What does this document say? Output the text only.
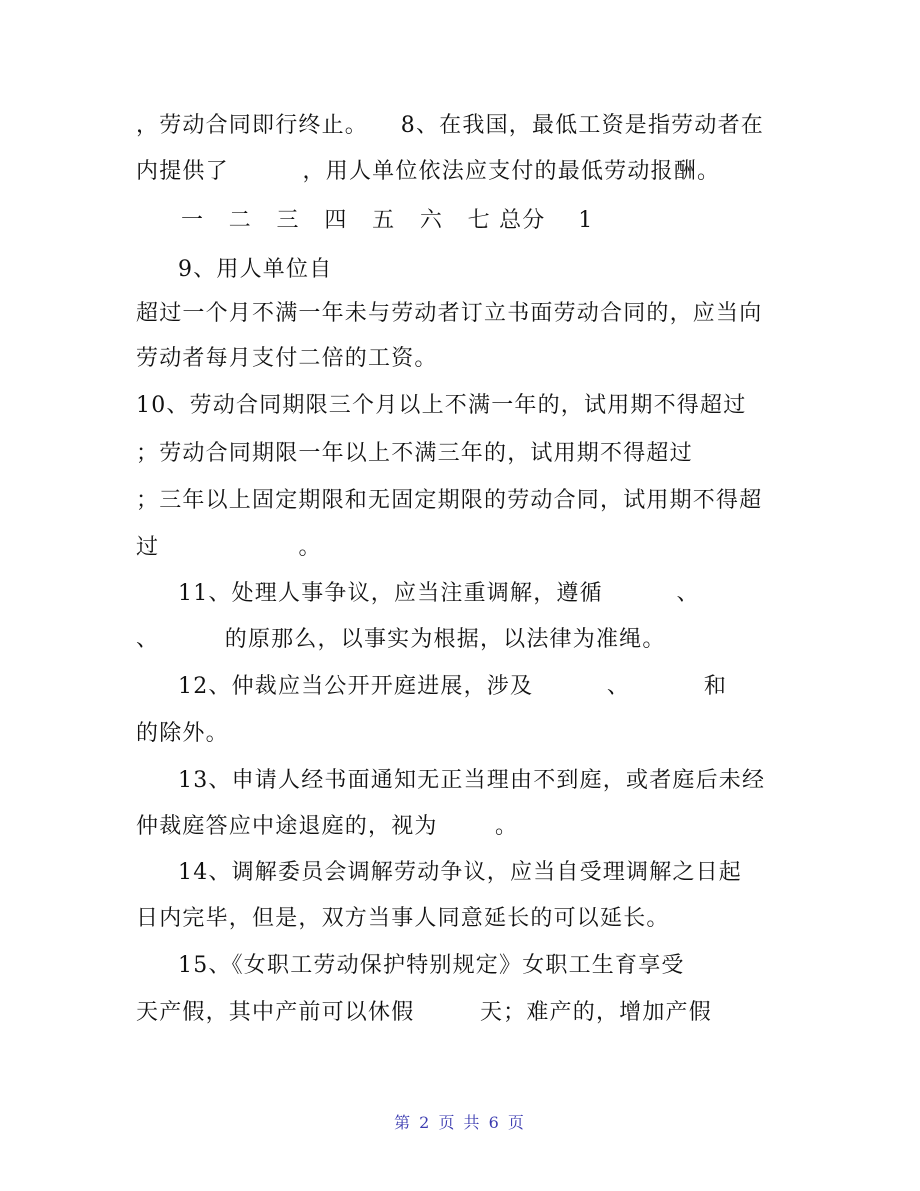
，劳动合同即行终止。    8、在我国，最低工资是指劳动者在
内提供了         ，用人单位依法应支付的最低劳动报酬。
一   二   三   四   五   六   七 总分    1
9、用人单位自
超过一个月不满一年未与劳动者订立书面劳动合同的，应当向
劳动者每月支付二倍的工资。
10、劳动合同期限三个月以上不满一年的，试用期不得超过
；劳动合同期限一年以上不满三年的，试用期不得超过
；三年以上固定期限和无固定期限的劳动合同，试用期不得超
过                 。
11、处理人事争议，应当注重调解，遵循         、
、        的原那么，以事实为根据，以法律为准绳。
12、仲裁应当公开开庭进展，涉及         、         和
的除外。
13、申请人经书面通知无正当理由不到庭，或者庭后未经
仲裁庭答应中途退庭的，视为       。
14、调解委员会调解劳动争议，应当自受理调解之日起
日内完毕，但是，双方当事人同意延长的可以延长。
15、《女职工劳动保护特别规定》女职工生育享受
天产假，其中产前可以休假        天；难产的，增加产假
第 2 页 共 6 页
